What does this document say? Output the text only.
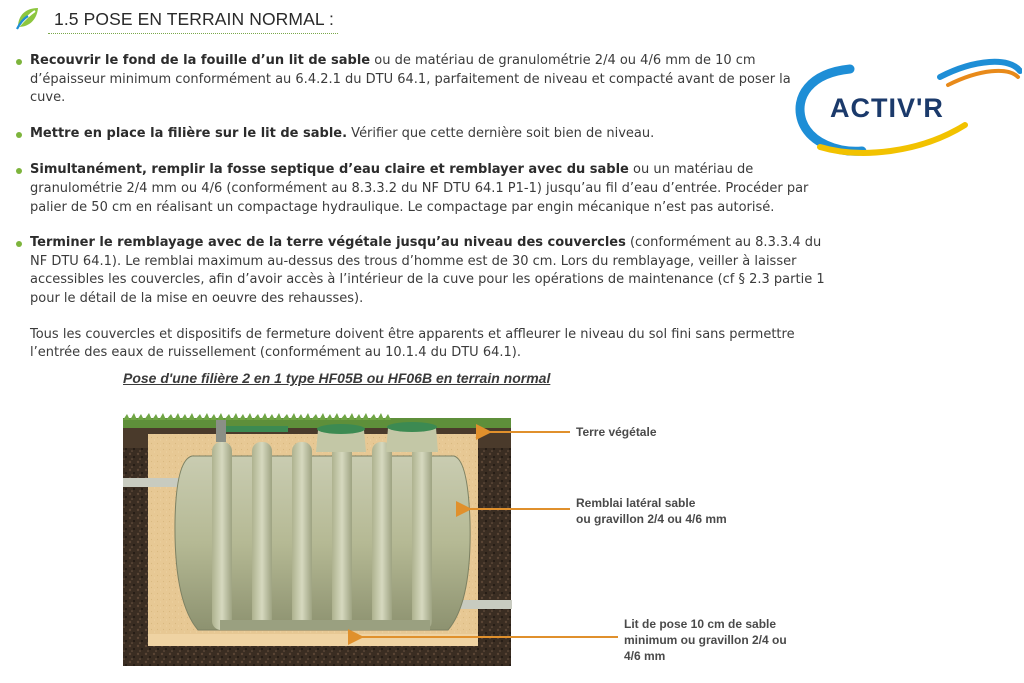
1.5 POSE EN TERRAIN NORMAL :
ACTIV'R

Recouvrir le fond de la fouille d’un lit de sable ou de matériau de granulométrie 2/4 ou 4/6 mm de 10 cm d’épaisseur minimum conformément au 6.4.2.1 du DTU 64.1, parfaitement de niveau et compacté avant de poser la cuve.

Mettre en place la filière sur le lit de sable. Vérifier que cette dernière soit bien de niveau.

Simultanément, remplir la fosse septique d’eau claire et remblayer avec du sable ou un matériau de granulométrie 2/4 mm ou 4/6 (conformément au 8.3.3.2 du NF DTU 64.1 P1-1) jusqu’au fil d’eau d’entrée. Procéder par palier de 50 cm en réalisant un compactage hydraulique. Le compactage par engin mécanique n’est pas autorisé.

Terminer le remblayage avec de la terre végétale jusqu’au niveau des couvercles (conformément au 8.3.3.4 du NF DTU 64.1). Le remblai maximum au-dessus des trous d’homme est de 30 cm. Lors du remblayage, veiller à laisser accessibles les couvercles, afin d’avoir accès à l’intérieur de la cuve pour les opérations de maintenance (cf § 2.3 partie 1 pour le détail de la mise en oeuvre des rehausses).

Tous les couvercles et dispositifs de fermeture doivent être apparents et affleurer le niveau du sol fini sans permettre l’entrée des eaux de ruissellement (conformément au 10.1.4 du DTU 64.1).

Pose d'une filière 2 en 1 type HF05B ou HF06B en terrain normal
Terre végétale
Remblai latéral sable
ou gravillon 2/4 ou 4/6 mm
Lit de pose 10 cm de sable
minimum ou gravillon 2/4 ou
4/6 mm
